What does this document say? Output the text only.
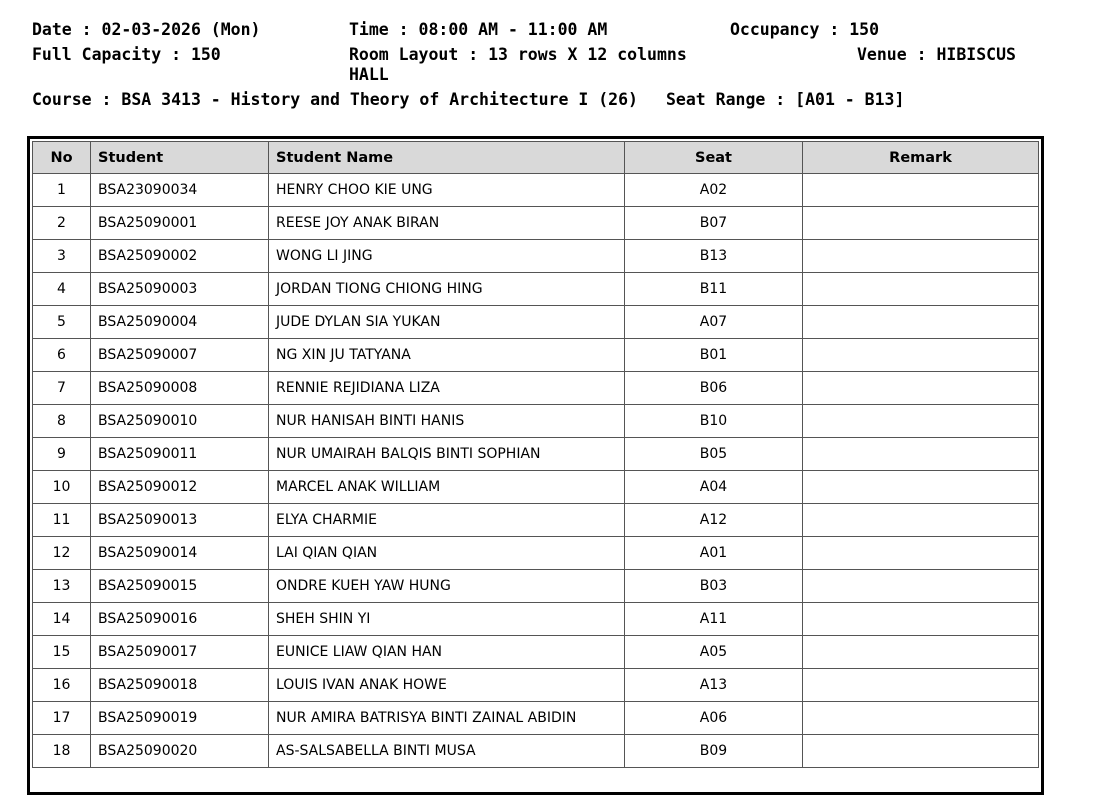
Date : 02-03-2026 (Mon)	Time : 08:00 AM - 11:00 AM	Occupancy : 150
Full Capacity : 150	Room Layout : 13 rows X 12 columns	Venue : HIBISCUS
HALL
Course : BSA 3413 - History and Theory of Architecture I (26) Seat Range : [A01 - B13]
No	Student	Student Name	Seat	Remark
1	BSA23090034	HENRY CHOO KIE UNG	A02	
2	BSA25090001	REESE JOY ANAK BIRAN	B07	
3	BSA25090002	WONG LI JING	B13	
4	BSA25090003	JORDAN TIONG CHIONG HING	B11	
5	BSA25090004	JUDE DYLAN SIA YUKAN	A07	
6	BSA25090007	NG XIN JU TATYANA	B01	
7	BSA25090008	RENNIE REJIDIANA LIZA	B06	
8	BSA25090010	NUR HANISAH BINTI HANIS	B10	
9	BSA25090011	NUR UMAIRAH BALQIS BINTI SOPHIAN	B05	
10	BSA25090012	MARCEL ANAK WILLIAM	A04	
11	BSA25090013	ELYA CHARMIE	A12	
12	BSA25090014	LAI QIAN QIAN	A01	
13	BSA25090015	ONDRE KUEH YAW HUNG	B03	
14	BSA25090016	SHEH SHIN YI	A11	
15	BSA25090017	EUNICE LIAW QIAN HAN	A05	
16	BSA25090018	LOUIS IVAN ANAK HOWE	A13	
17	BSA25090019	NUR AMIRA BATRISYA BINTI ZAINAL ABIDIN	A06	
18	BSA25090020	AS-SALSABELLA BINTI MUSA	B09	
